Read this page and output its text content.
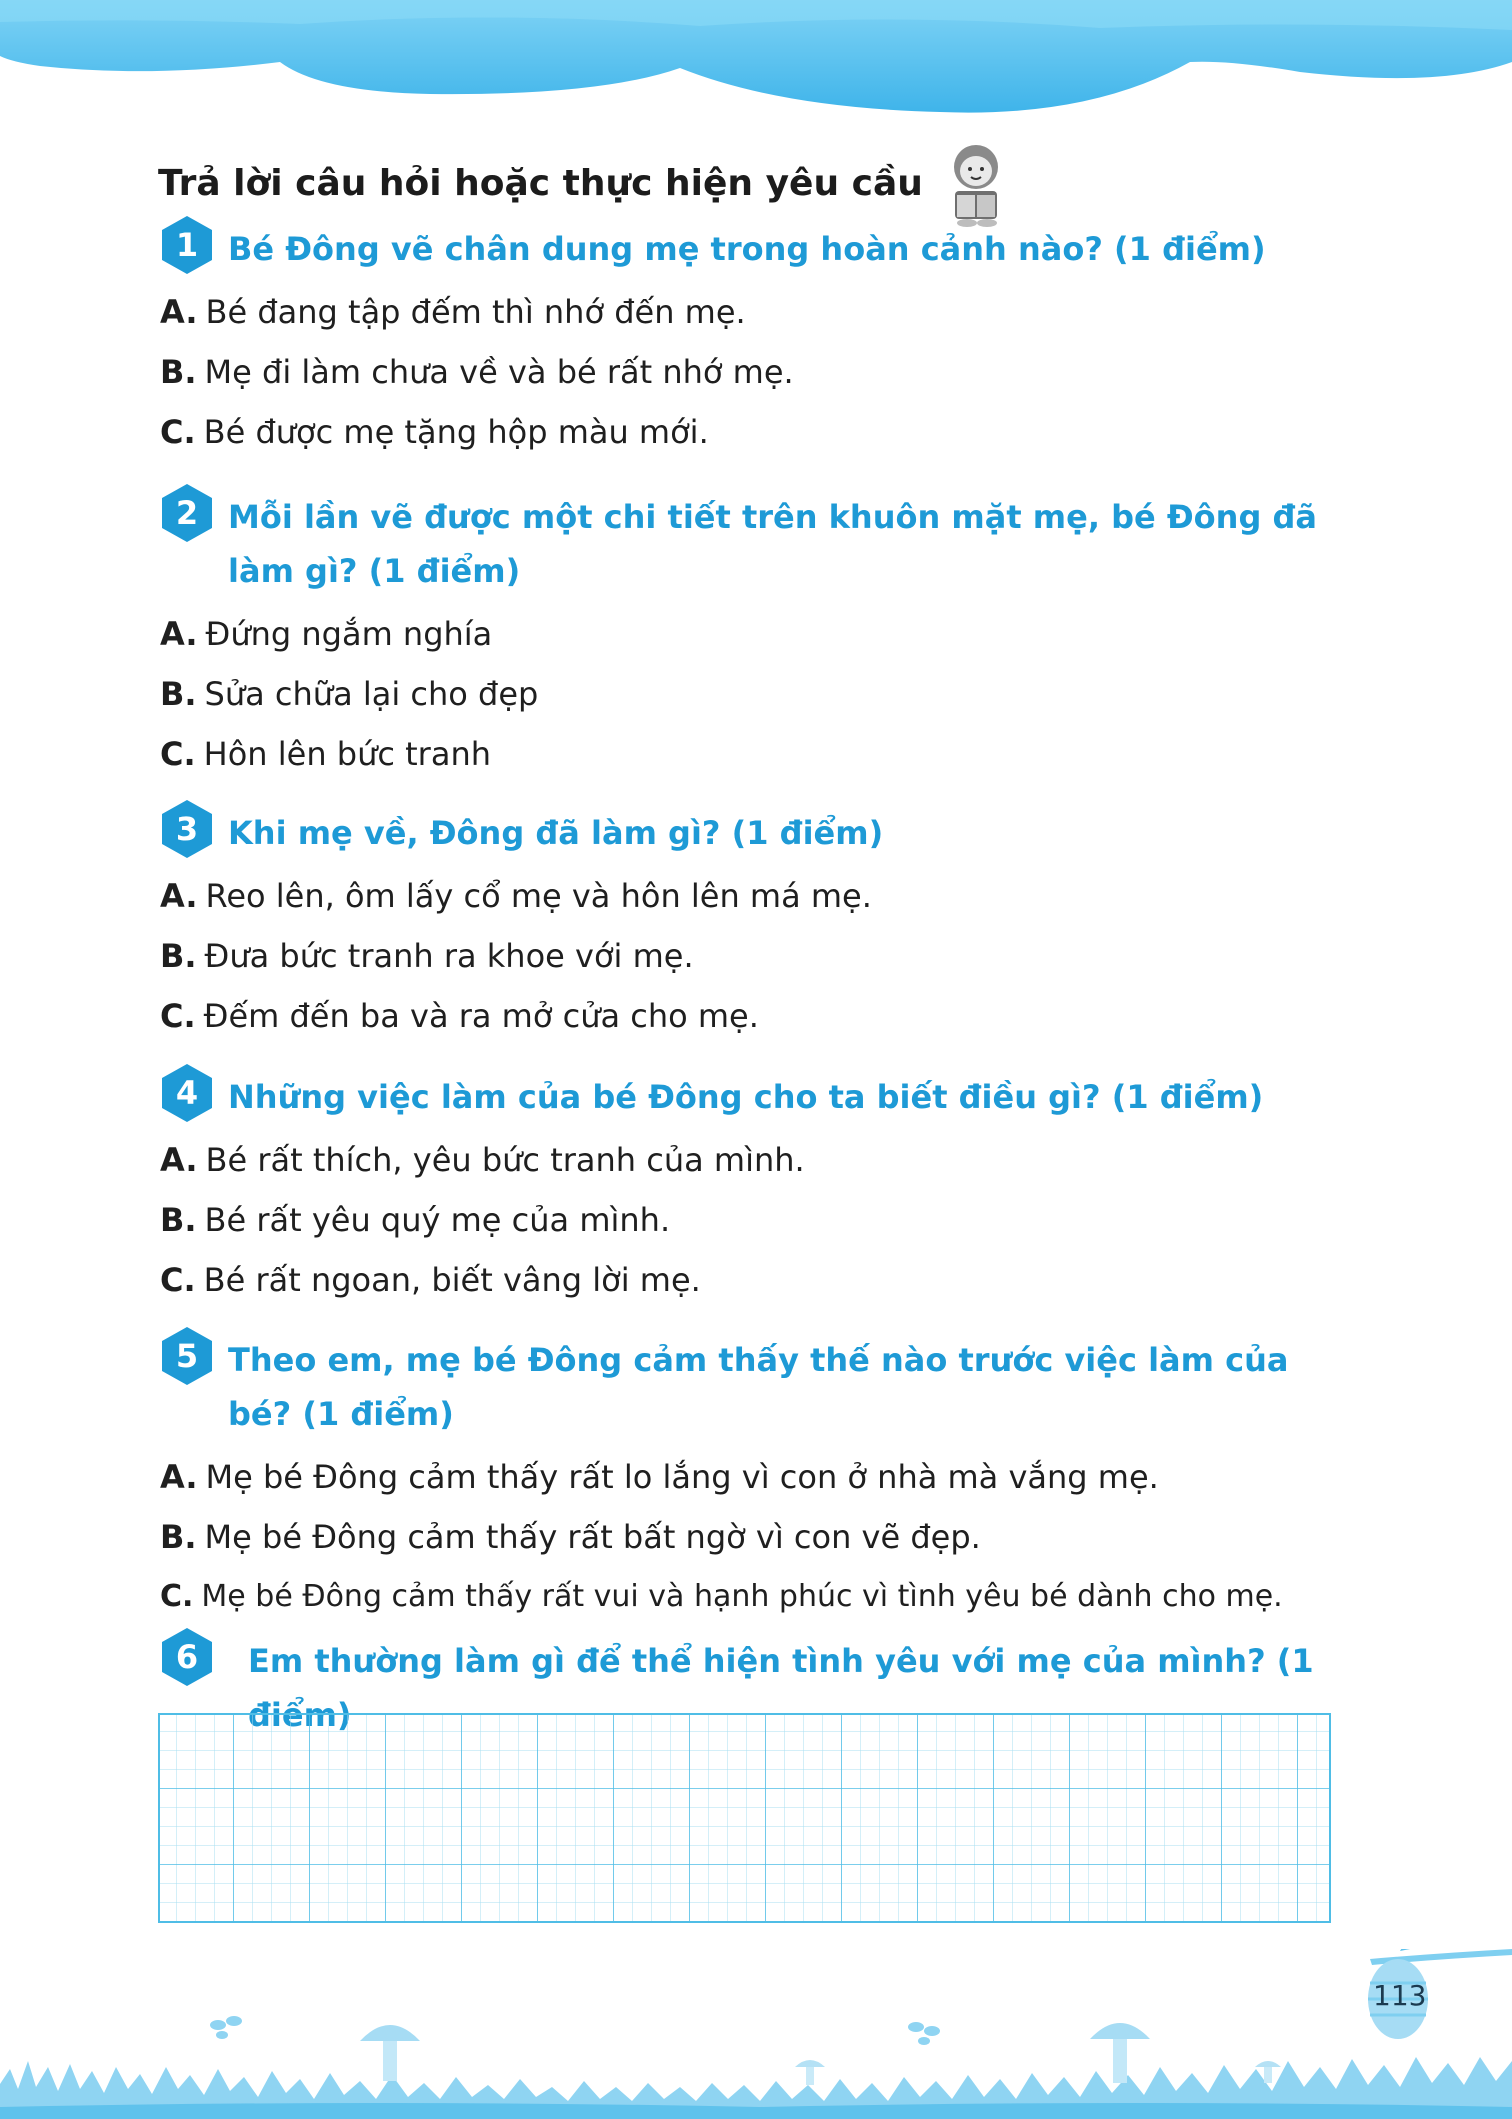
Trả lời câu hỏi hoặc thực hiện yêu cầu
1 Bé Đông vẽ chân dung mẹ trong hoàn cảnh nào? (1 điểm)
A. Bé đang tập đếm thì nhớ đến mẹ.
B. Mẹ đi làm chưa về và bé rất nhớ mẹ.
C. Bé được mẹ tặng hộp màu mới.
2 Mỗi lần vẽ được một chi tiết trên khuôn mặt mẹ, bé Đông đã làm gì? (1 điểm)
A. Đứng ngắm nghía
B. Sửa chữa lại cho đẹp
C. Hôn lên bức tranh
3 Khi mẹ về, Đông đã làm gì? (1 điểm)
A. Reo lên, ôm lấy cổ mẹ và hôn lên má mẹ.
B. Đưa bức tranh ra khoe với mẹ.
C. Đếm đến ba và ra mở cửa cho mẹ.
4 Những việc làm của bé Đông cho ta biết điều gì? (1 điểm)
A. Bé rất thích, yêu bức tranh của mình.
B. Bé rất yêu quý mẹ của mình.
C. Bé rất ngoan, biết vâng lời mẹ.
5 Theo em, mẹ bé Đông cảm thấy thế nào trước việc làm của bé? (1 điểm)
A. Mẹ bé Đông cảm thấy rất lo lắng vì con ở nhà mà vắng mẹ.
B. Mẹ bé Đông cảm thấy rất bất ngờ vì con vẽ đẹp.
C. Mẹ bé Đông cảm thấy rất vui và hạnh phúc vì tình yêu bé dành cho mẹ.
6	Em thường làm gì để thể hiện tình yêu với mẹ của mình? (1
113
